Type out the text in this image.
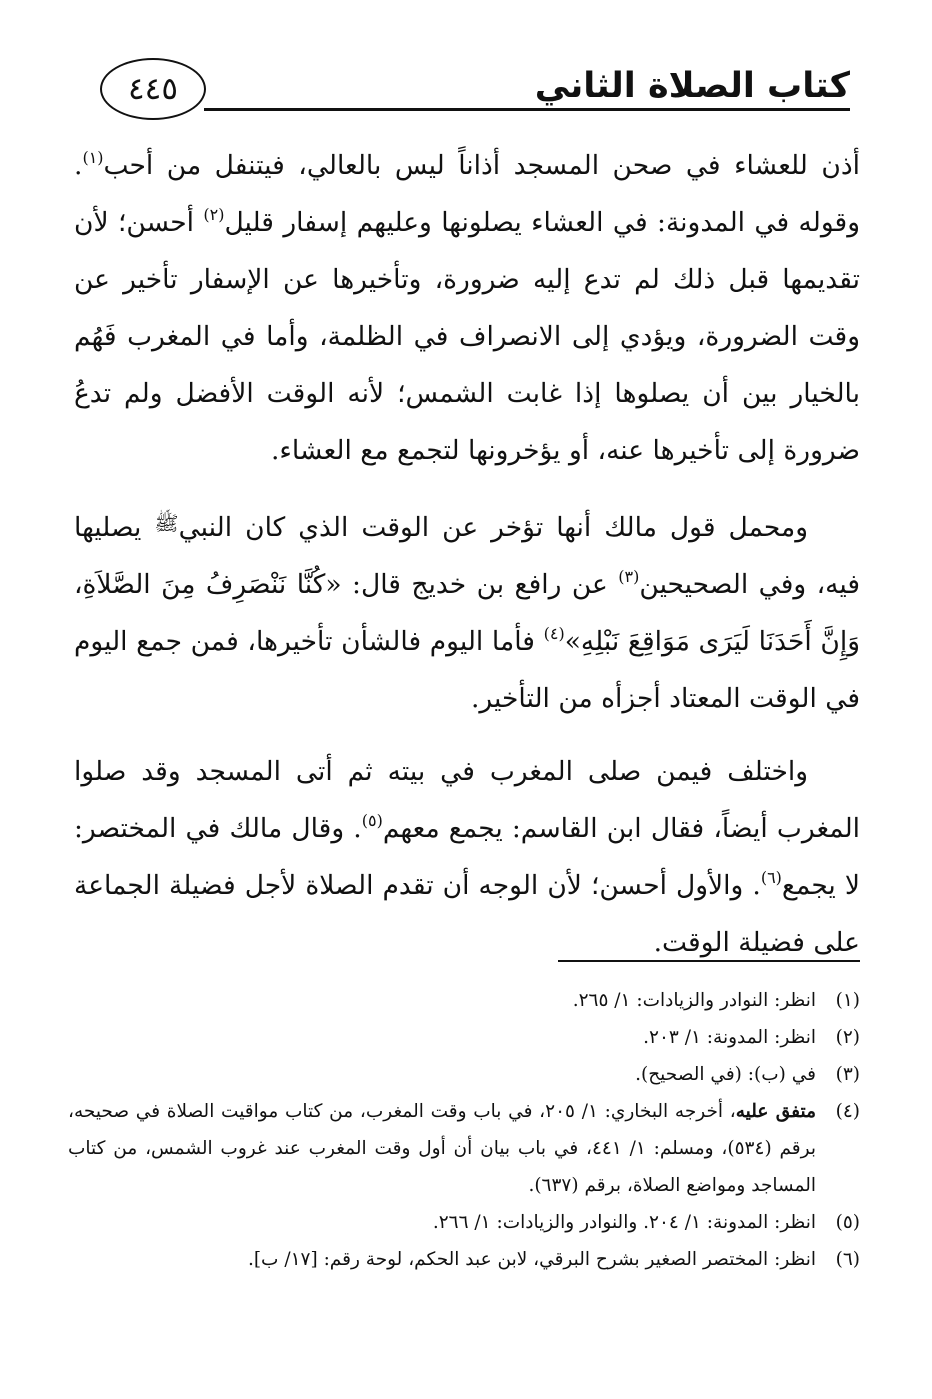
كتاب الصلاة الثاني
٤٤٥

أذن للعشاء في صحن المسجد أذاناً ليس بالعالي، فيتنفل من أحب$^{(١)}$. وقوله في المدونة: في العشاء يصلونها وعليهم إسفار قليل$^{(٢)}$ أحسن؛ لأن تقديمها قبل ذلك لم تدع إليه ضرورة، وتأخيرها عن الإسفار تأخير عن وقت الضرورة، ويؤدي إلى الانصراف في الظلمة، وأما في المغرب فَهُم بالخيار بين أن يصلوها إذا غابت الشمس؛ لأنه الوقت الأفضل ولم تدعُ ضرورة إلى تأخيرها عنه، أو يؤخرونها لتجمع مع العشاء.

ومحمل قول مالك أنها تؤخر عن الوقت الذي كان النبي$^ﷺ$ يصليها فيه، وفي الصحيحين$^{(٣)}$ عن رافع بن خديج قال: «كُنَّا نَنْصَرِفُ مِنَ الصَّلاَةِ، وَإِنَّ أَحَدَنَا لَيَرَى مَوَاقِعَ نَبْلِهِ»$^{(٤)}$ فأما اليوم فالشأن تأخيرها، فمن جمع اليوم في الوقت المعتاد أجزأه من التأخير.

واختلف فيمن صلى المغرب في بيته ثم أتى المسجد وقد صلوا المغرب أيضاً، فقال ابن القاسم: يجمع معهم$^{(٥)}$. وقال مالك في المختصر: لا يجمع$^{(٦)}$. والأول أحسن؛ لأن الوجه أن تقدم الصلاة لأجل فضيلة الجماعة على فضيلة الوقت.

(١)
انظر: النوادر والزيادات: ١/ ٢٦٥.
(٢)
انظر: المدونة: ١/ ٢٠٣.
(٣)
في (ب): (في الصحيح).
(٤)
متفق عليه، أخرجه البخاري: ١/ ٢٠٥، في باب وقت المغرب، من كتاب مواقيت الصلاة في صحيحه، برقم (٥٣٤)، ومسلم: ١/ ٤٤١، في باب بيان أن أول وقت المغرب عند غروب الشمس، من كتاب المساجد ومواضع الصلاة، برقم (٦٣٧).
(٥)
انظر: المدونة: ١/ ٢٠٤. والنوادر والزيادات: ١/ ٢٦٦.
(٦)
انظر: المختصر الصغير بشرح البرقي، لابن عبد الحكم، لوحة رقم: [١٧/ ب].
